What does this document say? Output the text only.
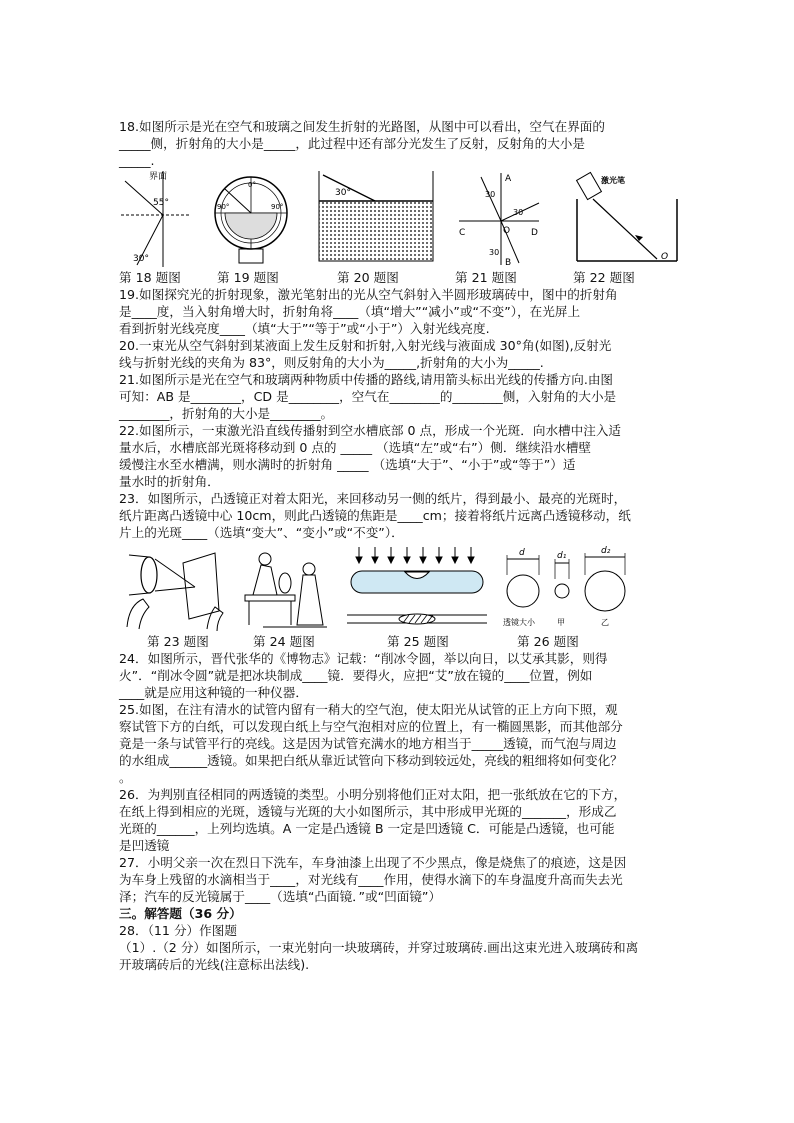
18.如图所示是光在空气和玻璃之间发生折射的光路图，从图中可以看出，空气在界面的

_____侧，折射角的大小是_____，此过程中还有部分光发生了反射，反射角的大小是

_____.

界面
55°
30°
0°
90°	90°
30°
A
B
C	D
O
30
30
30
激光笔
O
第 18 题图	第 19 题图	第 20 题图	第 21 题图	第 22 题图

19.如图探究光的折射现象，激光笔射出的光从空气斜射入半圆形玻璃砖中，图中的折射角

是____度，当入射角增大时，折射角将____（填“增大”“减小”或“不变”），在光屏上

看到折射光线亮度____（填“大于”“等于”或“小于”）入射光线亮度.

20.一束光从空气斜射到某液面上发生反射和折射,入射光线与液面成 30°角(如图),反射光

线与折射光线的夹角为 83°，则反射角的大小为_____,折射角的大小为_____.

21.如图所示是光在空气和玻璃两种物质中传播的路线,请用箭头标出光线的传播方向.由图

可知：AB 是________，CD 是________，空气在________的________侧，入射角的大小是

________，折射角的大小是________。

22.如图所示，一束激光沿直线传播射到空水槽底部 0 点，形成一个光斑．向水槽中注入适

量水后，水槽底部光斑将移动到 0 点的 _____ （选填“左”或“右”）侧．继续沿水槽壁

缓慢注水至水槽满，则水满时的折射角 _____ （选填“大于”、“小于”或“等于”）适

量水时的折射角．

23．如图所示，凸透镜正对着太阳光，来回移动另一侧的纸片，得到最小、最亮的光斑时，

纸片距离凸透镜中心 10cm，则此凸透镜的焦距是____cm；接着将纸片远离凸透镜移动，纸

片上的光斑____（选填“变大”、“变小”或“不变”）．

d	d₁	d₂
透镜大小	甲	乙
第 23 题图	第 24 题图	第 25 题图	第 26 题图

24．如图所示，晋代张华的《博物志》记载：“削冰令圆，举以向日，以艾承其影，则得

火”．“削冰令圆”就是把冰块制成____镜．要得火，应把“艾”放在镜的____位置，例如

____就是应用这种镜的一种仪器．

25.如图，在注有清水的试管内留有一稍大的空气泡，使太阳光从试管的正上方向下照，观

察试管下方的白纸，可以发现白纸上与空气泡相对应的位置上，有一椭圆黑影，而其他部分

竟是一条与试管平行的亮线。这是因为试管充满水的地方相当于_____透镜，而气泡与周边

的水组成______透镜。如果把白纸从靠近试管向下移动到较远处，亮线的粗细将如何变化？

。

26．为判别直径相同的两透镜的类型。小明分别将他们正对太阳，把一张纸放在它的下方，

在纸上得到相应的光斑，透镜与光斑的大小如图所示，其中形成甲光斑的_______，形成乙

光斑的______，上列均选填。A 一定是凸透镜 B 一定是凹透镜 C．可能是凸透镜，也可能

是凹透镜

27．小明父亲一次在烈日下洗车，车身油漆上出现了不少黑点，像是烧焦了的痕迹，这是因

为车身上残留的水滴相当于____，对光线有____作用，使得水滴下的车身温度升高而失去光

泽；汽车的反光镜属于____（选填“凸面镜．”或“凹面镜”）

三。解答题（36 分）

28．（11 分）作图题

（1）.（2 分）如图所示，一束光射向一块玻璃砖，并穿过玻璃砖.画出这束光进入玻璃砖和离

开玻璃砖后的光线(注意标出法线).
